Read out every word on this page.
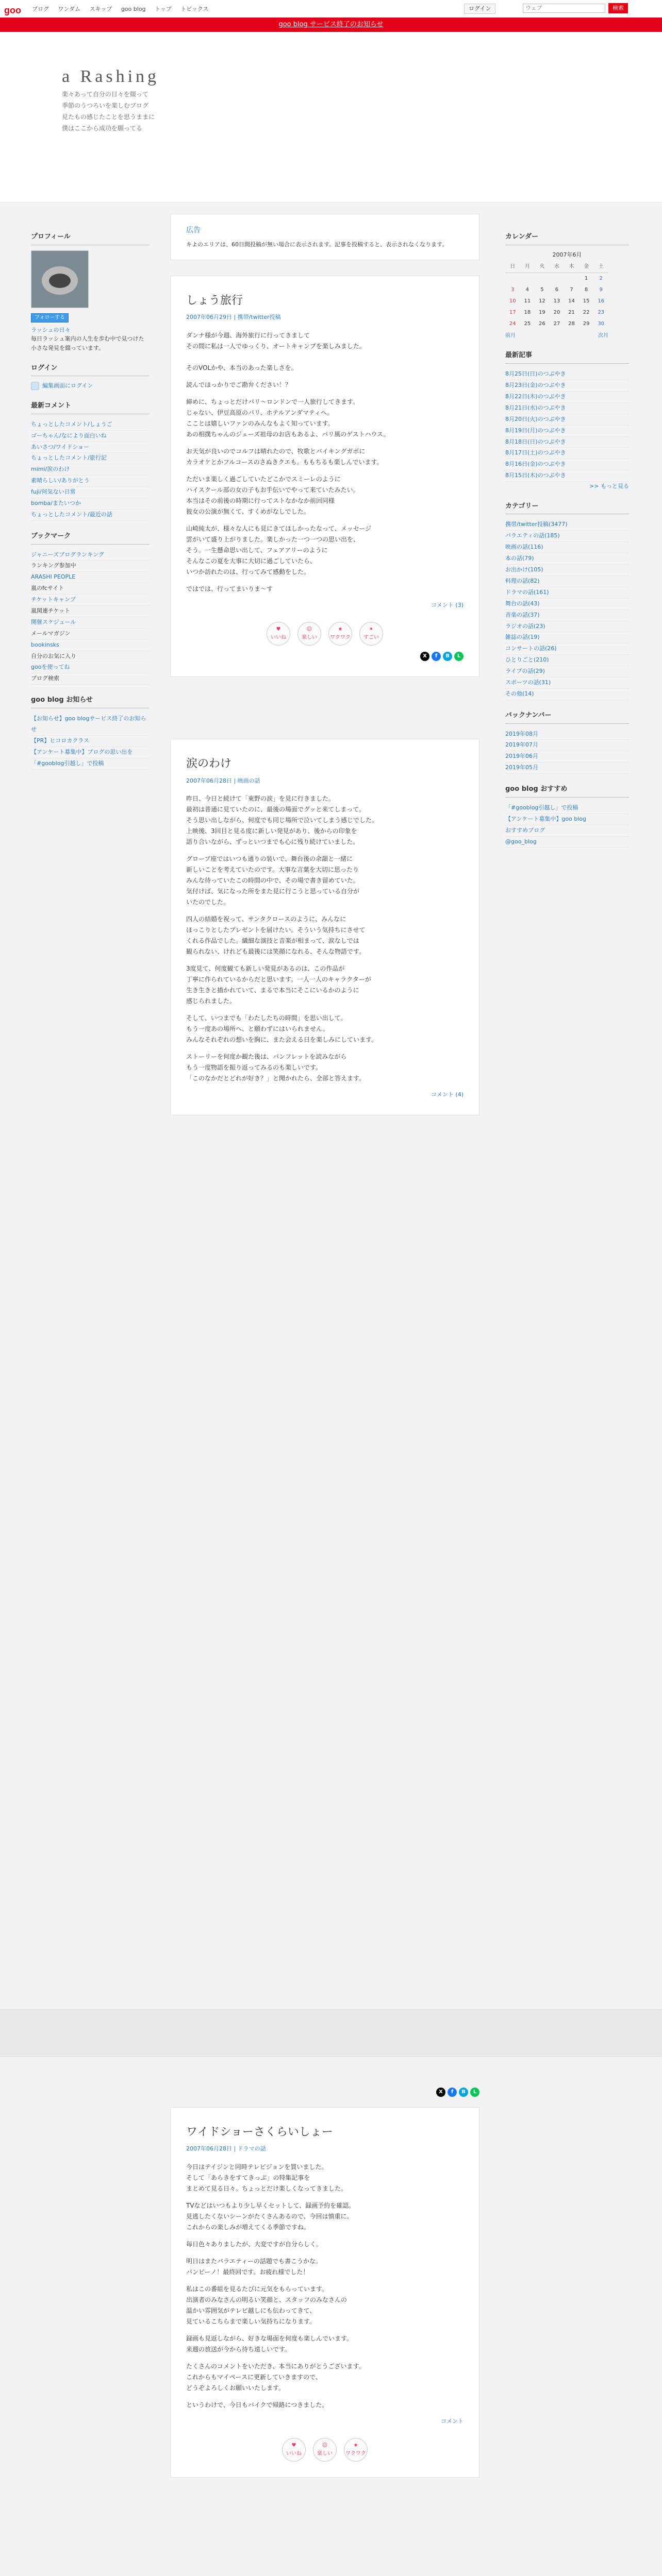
goo ブログ ワンダム スキップ goo blog トップ トピックス	ログイン
ウェブ	検索
goo blog サービス終了のお知らせ
a Rashing
楽々あって自分の日々を綴って
季節のうつろいを楽しむブログ
見たもの感じたことを思うままに
僕はここから成功を願ってる
プロフィール
フォローする
ラッシュの日々
毎日ラッシュ案内の人生を歩む中で見つけた小さな発見を綴っています。
ログイン
編集画面にログイン
最新コメント
ちょっとしたコメント/しょうご
ゴーちゃん/なにより面白いね
あいさつ/ワイドショー
ちょっとしたコメント/旅行記
mimi/涙のわけ
素晴らしい/ありがとう
fuji/何気ない日常
bomba/またいつか
ちょっとしたコメント/最近の話
ブックマーク
ジャニーズブログランキング
ランキング参加中
ARASHI PEOPLE
嵐のfcサイト
チケットキャンプ
嵐関連チケット
開催スケジュール
メールマガジン
bookinsks
自分のお気に入り
gooを使ってね
ブログ検索
goo blog お知らせ
【お知らせ】goo blogサービス終了のお知らせ
【PR】ヒコロカクラス
【アンケート募集中】ブログの思い出を
「#gooblog引越し」で投稿
広告
キよのエリアは、60日間投稿が無い場合に表示されます。記事を投稿すると、表示されなくなります。
しょう旅行
2007年06月29日 | 携帯/twitter投稿

ダンナ様が今週、海外旅行に行ってきまして
その間に私は一人でゆっくり、オートキャンプを楽しみました。

そのVOLかや、本当のあった楽しさを。

読んでほっかりでご勘弁ください！？

締めに、ちょっとだけパリ～ロンドンで一人旅行してきます。
じゃない、伊豆高原のパリ、ホテルアンダマティへ。
こことは嬉しいファンのみんなもよく知っています。
あの相撲ちゃんのジェーズ祖母のお店もあるよ、パリ風のゲストハウス。

お天気が良いのでコルフは晴れたので、牧歌とバイキングガボに
カラオケとかフルコースのさぬきクエも。ももちるも楽しんでいます。

ただいま楽しく過ごしていたどこかでスミーレのように
ハイスクール部の女の子もお手伝いでやって来ていたみたい。
本当はその前後の時期に行ってストなかなか前回同様
彼女の公演が無くて、すくめがなしでした。

山崎純太が、様々な人にも見にきてほしかったなって、メッセージ
雲がいて盛り上がりました。楽しかった一つ一つの思い出を、
そう。一生懸命思い出して、フェアアリーのように
そんなこの夏を大事に大切に過ごしていたら、
いつか訪れたのは、行ってみて感動をした。

ではでは、行ってまいりま～す

コメント (3)
♥
いいね
☺
楽しい
★
ワクワク
✦
すごい
X	f	B	L
涙のわけ
2007年06月28日 | 映画の話

昨日、今日と続けて「東野の涙」を見に行きました。
最初は普通に見ていたのに、最後の場面でグッと来てしまって。
そう思い出しながら、何度でも同じ場所で泣いてしまう感じでした。
上映後、3回目と見る度に新しい発見があり、後からの印象を
語り合いながら、ずっといつまでも心に残り続けていました。

グローブ座ではいつも通りの装いで、舞台後の余韻と一緒に
新しいことを考えていたのです。大事な言葉を大切に思ったり
みんな待っていたこの時間の中で、その場で書き留めていた。
気付けば、気になった所をまた見に行こうと思っている自分が
いたのでした。

四人の結婚を祝って、サンタクロースのように、みんなに
ほっこりとしたプレゼントを届けたい。そういう気持ちにさせて
くれる作品でした。繊細な演技と音楽が相まって、涙なしでは
観られない、けれども最後には笑顔になれる、そんな物語です。

3度見て、何度観ても新しい発見があるのは、この作品が
丁寧に作られているからだと思います。一人一人のキャラクターが
生き生きと描かれていて、まるで本当にそこにいるかのように
感じられました。

そして、いつまでも「わたしたちの時間」を思い出して。
もう一度あの場所へ、と願わずにはいられません。
みんなそれぞれの想いを胸に、また会える日を楽しみにしています。

ストーリーを何度か観た後は、パンフレットを読みながら
もう一度物語を振り返ってみるのも楽しいです。
「このなかだとどれが好き？」と聞かれたら、全部と答えます。

コメント (4)
X	f	B	L
ワイドショーさくらいしょー
2007年06月28日 | ドラマの話

今日はテイジンと同時テレビジョンを買いました。
そして「あらきをすてきっぷ」の特集記事を
まとめて見る日々。ちょっとだけ楽しくなってきました。

TVなどはいつもより少し早くセットして、録画予約を確認。
見逃したくないシーンがたくさんあるので、今回は慎重に。
これからの楽しみが増えてくる季節ですね。

毎日色々ありましたが、大変ですが自分らしく。

明日はまたバラエティーの話題でも書こうかな。
バンビーノ！最終回です。お疲れ様でした！

私はこの番組を見るたびに元気をもらっています。
出演者のみなさんの明るい笑顔と、スタッフのみなさんの
温かい雰囲気がテレビ越しにも伝わってきて、
見ているこちらまで楽しい気持ちになります。

録画も見返しながら、好きな場面を何度も楽しんでいます。
来週の放送が今から待ち遠しいです。

たくさんのコメントをいただき、本当にありがとうございます。
これからもマイペースに更新していきますので、
どうぞよろしくお願いいたします。

というわけで、今日もバイクで帰路につきました。

コメント
♥
いいね
☺
楽しい
★
ワクワク
カレンダー
2007年6月
日	月	火	水	木	金	土
					1	2
3	4	5	6	7	8	9
10	11	12	13	14	15	16
17	18	19	20	21	22	23
24	25	26	27	28	29	30
前月	次月
最新記事
8月25日(日)のつぶやき
8月23日(金)のつぶやき
8月22日(木)のつぶやき
8月21日(水)のつぶやき
8月20日(火)のつぶやき
8月19日(月)のつぶやき
8月18日(日)のつぶやき
8月17日(土)のつぶやき
8月16日(金)のつぶやき
8月15日(木)のつぶやき
>> もっと見る
カテゴリー
携帯/twitter投稿(3477)
バラエティの話(185)
映画の話(116)
本の話(79)
お出かけ(105)
料理の話(82)
ドラマの話(161)
舞台の話(43)
音楽の話(37)
ラジオの話(23)
雑誌の話(19)
コンサートの話(26)
ひとりごと(210)
ライブの話(29)
スポーツの話(31)
その他(14)
バックナンバー
2019年08月
2019年07月
2019年06月
2019年05月
goo blog おすすめ
「#gooblog引越し」で投稿
【アンケート募集中】goo blog
おすすめブログ
@goo_blog
